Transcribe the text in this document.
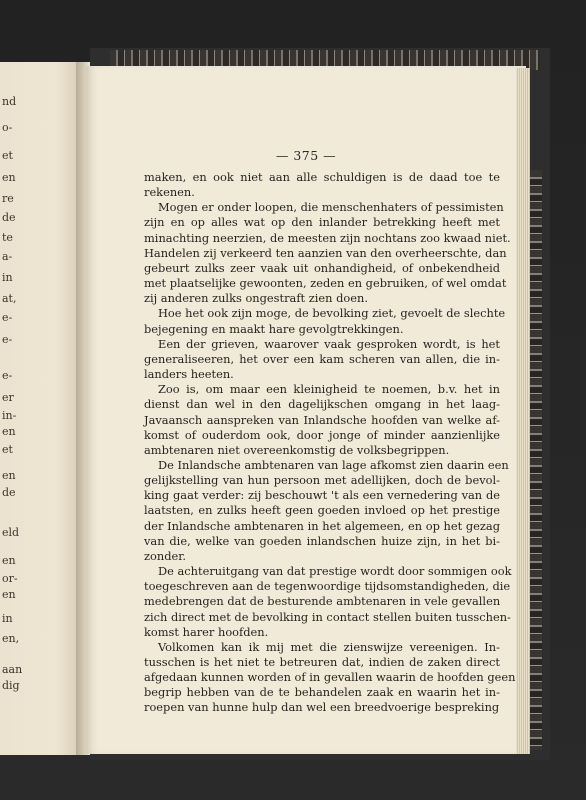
nd
o-
et
en
re
de
te
a-
in
at,
e-
e-
e-
er
in-
en
et
en
de
eld
en
or-
en
in
en,
aan
dig
— 375 —
maken, en ook niet aan alle schuldigen is de daad toe te
rekenen.
Mogen er onder loopen, die menschenhaters of pessimisten
zijn en op alles wat op den inlander betrekking heeft met
minachting neerzien, de meesten zijn nochtans zoo kwaad niet.
Handelen zij verkeerd ten aanzien van den overheerschte, dan
gebeurt zulks zeer vaak uit onhandigheid, of onbekendheid
met plaatselijke gewoonten, zeden en gebruiken, of wel omdat
zij anderen zulks ongestraft zien doen.
Hoe het ook zijn moge, de bevolking ziet, gevoelt de slechte
bejegening en maakt hare gevolgtrekkingen.
Een der grieven, waarover vaak gesproken wordt, is het
generaliseeren, het over een kam scheren van allen, die in-
landers heeten.
Zoo is, om maar een kleinigheid te noemen, b.v. het in
dienst dan wel in den dagelijkschen omgang in het laag-
Javaansch aanspreken van Inlandsche hoofden van welke af-
komst of ouderdom ook, door jonge of minder aanzienlijke
ambtenaren niet overeenkomstig de volksbegrippen.
De Inlandsche ambtenaren van lage afkomst zien daarin een
gelijkstelling van hun persoon met adellijken, doch de bevol-
king gaat verder: zij beschouwt 't als een vernedering van de
laatsten, en zulks heeft geen goeden invloed op het prestige
der Inlandsche ambtenaren in het algemeen, en op het gezag
van die, welke van goeden inlandschen huize zijn, in het bi-
zonder.
De achteruitgang van dat prestige wordt door sommigen ook
toegeschreven aan de tegenwoordige tijdsomstandigheden, die
medebrengen dat de besturende ambtenaren in vele gevallen
zich direct met de bevolking in contact stellen buiten tusschen-
komst harer hoofden.
Volkomen kan ik mij met die zienswijze vereenigen. In-
tusschen is het niet te betreuren dat, indien de zaken direct
afgedaan kunnen worden of in gevallen waarin de hoofden geen
begrip hebben van de te behandelen zaak en waarin het in-
roepen van hunne hulp dan wel een breedvoerige bespreking
